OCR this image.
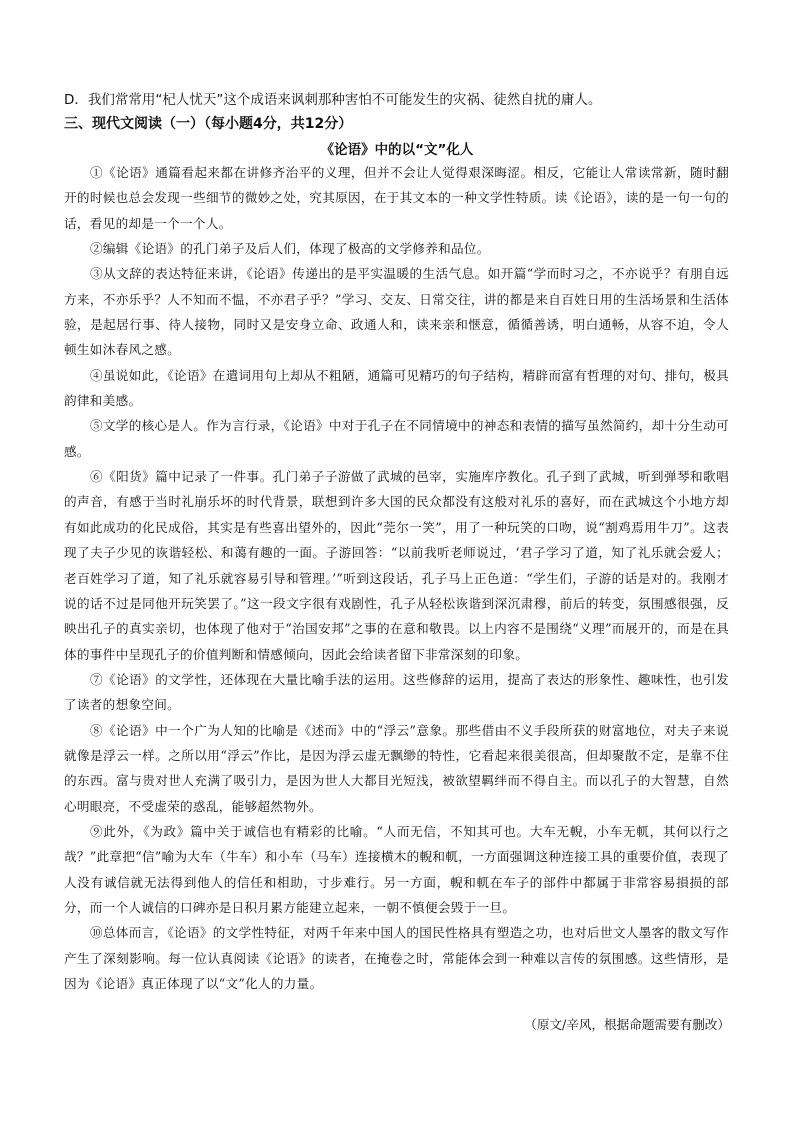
D．我们常常用“杞人忧天”这个成语来讽刺那种害怕不可能发生的灾祸、徒然自扰的庸人。
三、现代文阅读（一）（每小题4分，共12分）
《论语》中的以“文”化人

①《论语》通篇看起来都在讲修齐治平的义理，但并不会让人觉得艰深晦涩。相反，它能让人常读常新，随时翻开的时候也总会发现一些细节的微妙之处，究其原因，在于其文本的一种文学性特质。读《论语》，读的是一句一句的话，看见的却是一个一个人。

②编辑《论语》的孔门弟子及后人们，体现了极高的文学修养和品位。

③从文辞的表达特征来讲，《论语》传递出的是平实温暖的生活气息。如开篇“学而时习之，不亦说乎？有朋自远方来，不亦乐乎？人不知而不愠，不亦君子乎？”学习、交友、日常交往，讲的都是来自百姓日用的生活场景和生活体验，是起居行事、待人接物，同时又是安身立命、政通人和，读来亲和惬意，循循善诱，明白通畅，从容不迫，令人顿生如沐春风之感。

④虽说如此，《论语》在遣词用句上却从不粗陋，通篇可见精巧的句子结构，精辟而富有哲理的对句、排句，极具韵律和美感。

⑤文学的核心是人。作为言行录，《论语》中对于孔子在不同情境中的神态和表情的描写虽然简约，却十分生动可感。

⑥《阳货》篇中记录了一件事。孔门弟子子游做了武城的邑宰，实施库序教化。孔子到了武城，听到弹琴和歌唱的声音，有感于当时礼崩乐坏的时代背景，联想到许多大国的民众都没有这般对礼乐的喜好，而在武城这个小地方却有如此成功的化民成俗，其实是有些喜出望外的，因此“莞尔一笑”，用了一种玩笑的口吻，说“割鸡焉用牛刀”。这表现了夫子少见的诙谐轻松、和蔼有趣的一面。子游回答：“以前我听老师说过，‘君子学习了道，知了礼乐就会爱人；老百姓学习了道，知了礼乐就容易引导和管理。’”听到这段话，孔子马上正色道：“学生们，子游的话是对的。我刚才说的话不过是同他开玩笑罢了。”这一段文字很有戏剧性，孔子从轻松诙谐到深沉肃穆，前后的转变，氛围感很强，反映出孔子的真实亲切，也体现了他对于“治国安邦”之事的在意和敬畏。以上内容不是围绕“义理”而展开的，而是在具体的事件中呈现孔子的价值判断和情感倾向，因此会给读者留下非常深刻的印象。

⑦《论语》的文学性，还体现在大量比喻手法的运用。这些修辞的运用，提高了表达的形象性、趣味性，也引发了读者的想象空间。

⑧《论语》中一个广为人知的比喻是《述而》中的“浮云”意象。那些借由不义手段所获的财富地位，对夫子来说就像是浮云一样。之所以用“浮云”作比，是因为浮云虚无飘缈的特性，它看起来很美很高，但却聚散不定，是靠不住的东西。富与贵对世人充满了吸引力，是因为世人大都目光短浅，被欲望羁绊而不得自主。而以孔子的大智慧，自然心明眼亮，不受虚荣的惑乱，能够超然物外。

⑨此外，《为政》篇中关于诚信也有精彩的比喻。“人而无信，不知其可也。大车无輗，小车无軏，其何以行之哉？”此章把“信”喻为大车（牛车）和小车（马车）连接横木的輗和軏，一方面强调这种连接工具的重要价值，表现了人没有诚信就无法得到他人的信任和相助，寸步难行。另一方面，輗和軏在车子的部件中都属于非常容易損损的部分，而一个人诚信的口碑亦是日积月累方能建立起来，一朝不慎便会毁于一旦。

⑩总体而言，《论语》的文学性特征，对两千年来中国人的国民性格具有塑造之功，也对后世文人墨客的散文写作产生了深刻影响。每一位认真阅读《论语》的读者，在掩卷之时，常能体会到一种难以言传的氛围感。这些情形，是因为《论语》真正体现了以“文”化人的力量。

（原文/辛风，根据命题需要有删改）
